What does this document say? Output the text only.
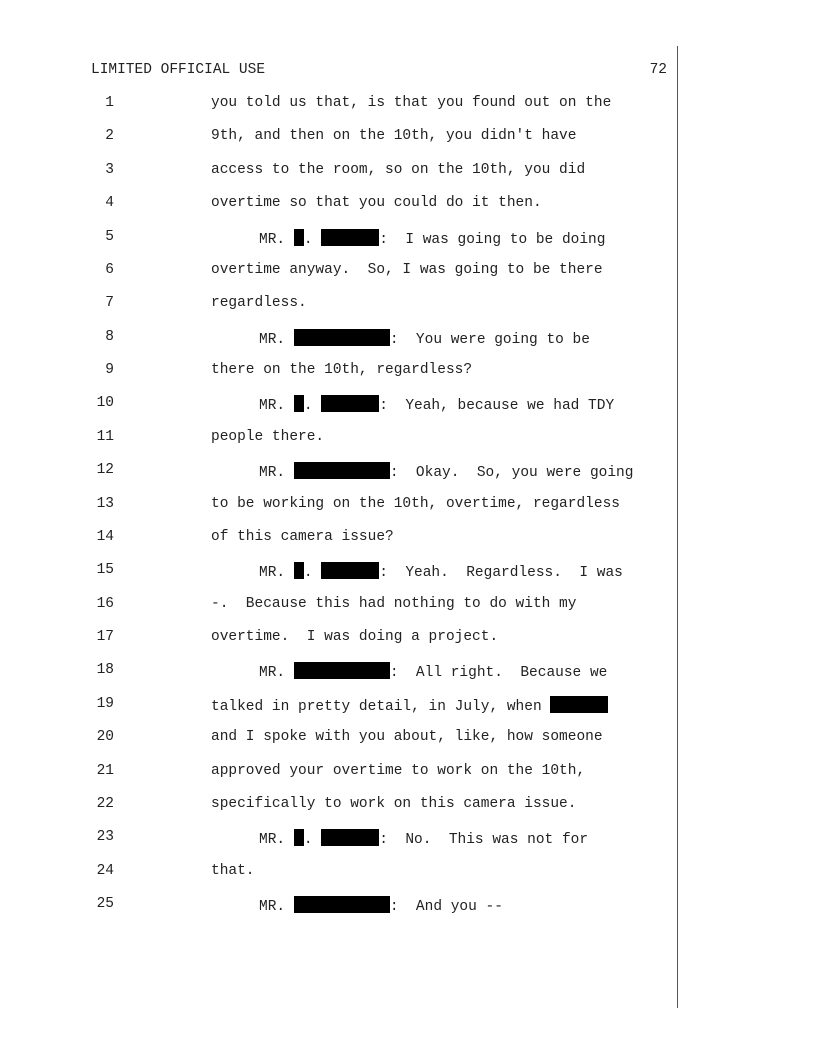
LIMITED OFFICIAL USE	72
1	you told us that, is that you found out on the
2	9th, and then on the 10th, you didn't have
3	access to the room, so on the 10th, you did
4	overtime so that you could do it then.
5	MR. .	:  I was going to be doing
6	overtime anyway.  So, I was going to be there
7	regardless.
8	MR.	:  You were going to be
9	there on the 10th, regardless?
10	MR. .	:  Yeah, because we had TDY
11	people there.
12	MR.	:  Okay.  So, you were going
13	to be working on the 10th, overtime, regardless
14	of this camera issue?
15	MR. .	:  Yeah.  Regardless.  I was
16	-.  Because this had nothing to do with my
17	overtime.  I was doing a project.
18	MR.	:  All right.  Because we
19	talked in pretty detail, in July, when
20	and I spoke with you about, like, how someone
21	approved your overtime to work on the 10th,
22	specifically to work on this camera issue.
23	MR. .	:  No.  This was not for
24	that.
25	MR.	:  And you --
